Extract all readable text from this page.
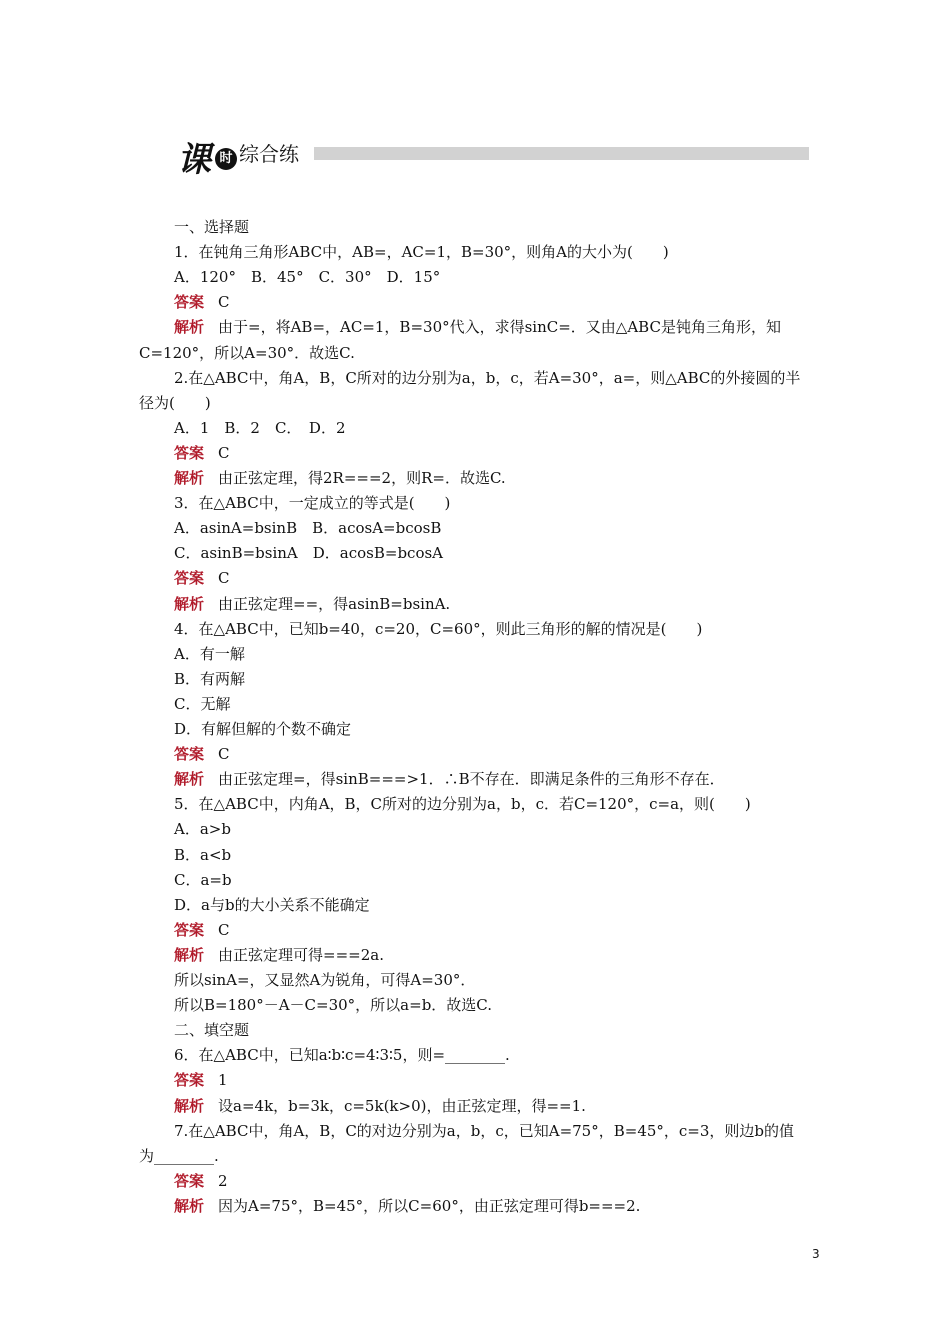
课 时 综合练
一、选择题
1．在钝角三角形ABC中，AB=，AC=1，B=30°，则角A的大小为(　　)
A．120°　B．45°　C．30°　D．15°
答案 C
解析 由于=，将AB=，AC=1，B=30°代入，求得sinC=．又由△ABC是钝角三角形，知
C=120°，所以A=30°．故选C.
2.在△ABC中，角A，B，C所对的边分别为a，b，c，若A=30°，a=，则△ABC的外接圆的半
径为(　　)
A．1　B．2　C．　D．2
答案 C
解析 由正弦定理，得2R===2，则R=．故选C.
3．在△ABC中，一定成立的等式是(　　)
A．asinA=bsinB　B．acosA=bcosB
C．asinB=bsinA　D．acosB=bcosA
答案 C
解析 由正弦定理==，得asinB=bsinA.
4．在△ABC中，已知b=40，c=20，C=60°，则此三角形的解的情况是(　　)
A．有一解
B．有两解
C．无解
D．有解但解的个数不确定
答案 C
解析 由正弦定理=，得sinB===>1．∴B不存在．即满足条件的三角形不存在．
5．在△ABC中，内角A，B，C所对的边分别为a，b，c．若C=120°，c=a，则(　　)
A．a>b
B．a<b
C．a=b
D．a与b的大小关系不能确定
答案 C
解析 由正弦定理可得===2a.
所以sinA=，又显然A为锐角，可得A=30°．
所以B=180°－A－C=30°，所以a=b．故选C.
二、填空题
6．在△ABC中，已知a∶b∶c=4∶3∶5，则=________.
答案 1
解析 设a=4k，b=3k，c=5k(k>0)，由正弦定理，得==1.
7.在△ABC中，角A，B，C的对边分别为a，b，c，已知A=75°，B=45°，c=3，则边b的值
为________.
答案 2
解析 因为A=75°，B=45°，所以C=60°，由正弦定理可得b===2.
3
